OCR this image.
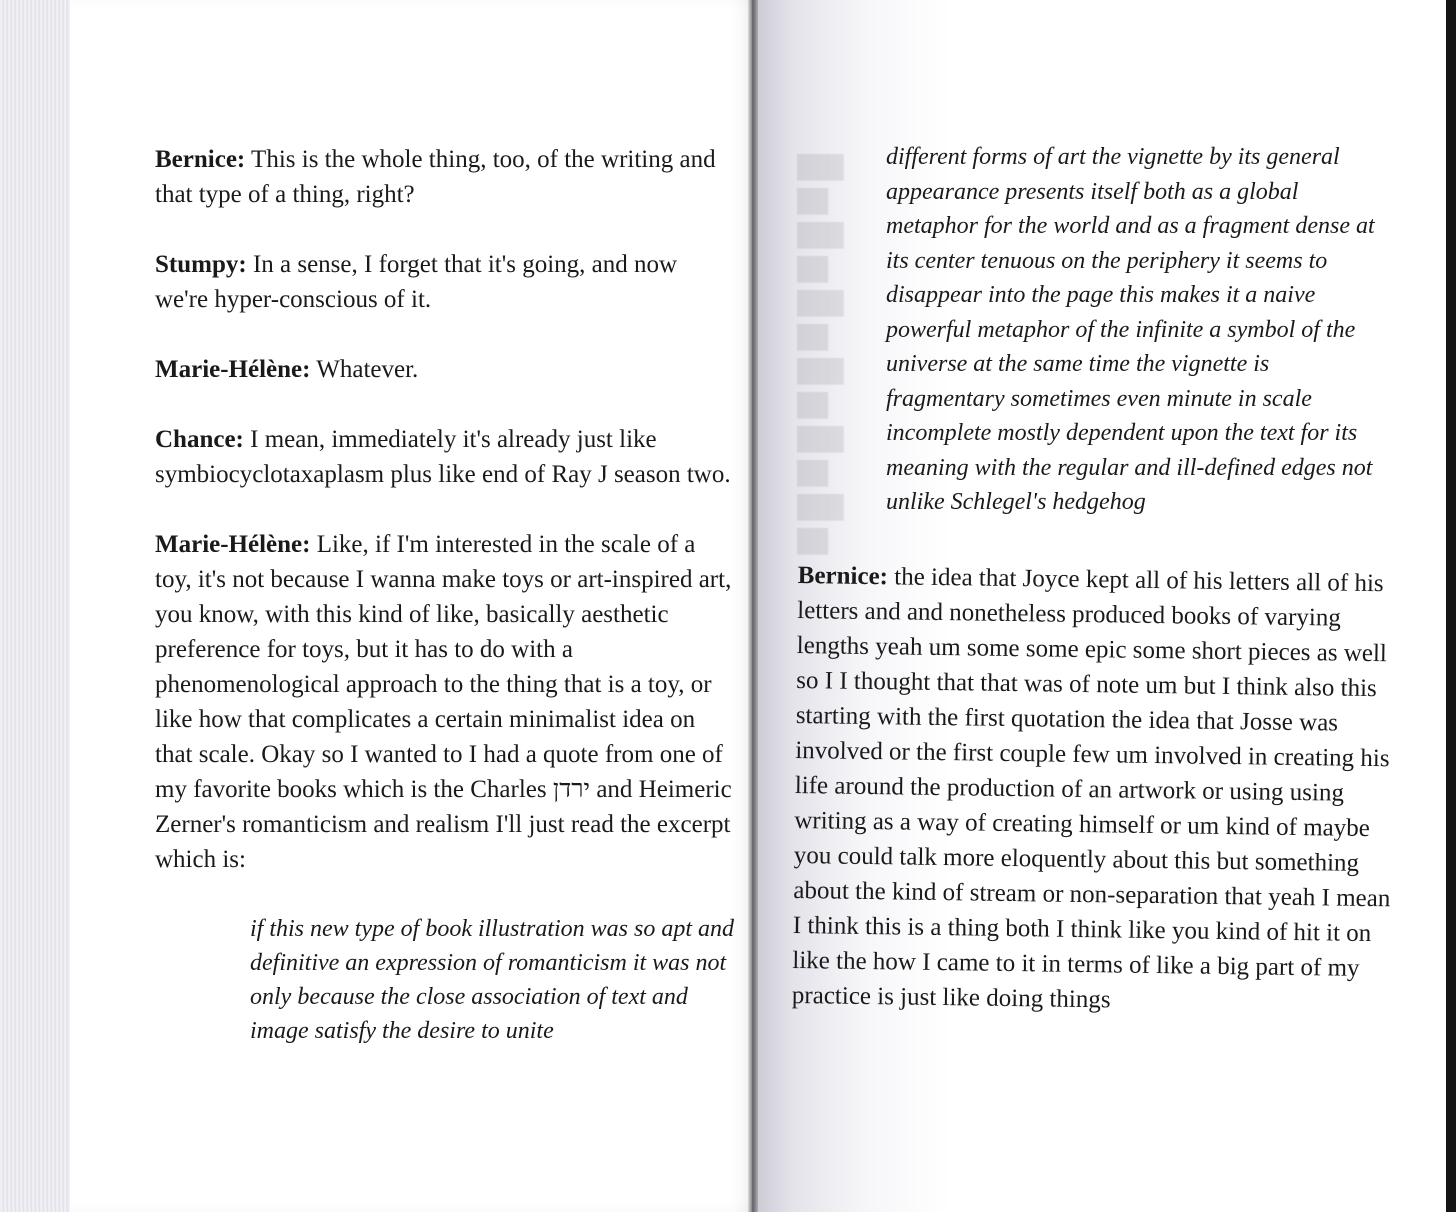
Bernice: This is the whole thing, too, of the writing and that type of a thing, right?

Stumpy: In a sense, I forget that it's going, and now we're hyper-conscious of it.

Marie-Hélène: Whatever.

Chance: I mean, immediately it's already just like symbiocyclotaxaplasm plus like end of Ray J season two.

Marie-Hélène: Like, if I'm interested in the scale of a toy, it's not because I wanna make toys or art-inspired art, you know, with this kind of like, basically aesthetic preference for toys, but it has to do with a phenomenological approach to the thing that is a toy, or like how that complicates a certain minimalist idea on that scale. Okay so I wanted to I had a quote from one of my favorite books which is the Charles ירדן and Heimeric Zerner's romanticism and realism I'll just read the excerpt which is:

if this new type of book illustration was so apt and definitive an expression of romanticism it was not only because the close association of text and image satisfy the desire to unite
███
██
███
██
███
██
███
██
███
██
███
██
different forms of art the vignette by its general appearance presents itself both as a global metaphor for the world and as a fragment dense at its center tenuous on the periphery it seems to disappear into the page this makes it a naive powerful metaphor of the infinite a symbol of the universe at the same time the vignette is fragmentary sometimes even minute in scale incomplete mostly dependent upon the text for its meaning with the regular and ill-defined edges not unlike Schlegel's hedgehog

Bernice: the idea that Joyce kept all of his letters all of his letters and and nonetheless produced books of varying lengths yeah um some some epic some short pieces as well so I I thought that that was of note um but I think also this starting with the first quotation the idea that Josse was involved or the first couple few um involved in creating his life around the production of an artwork or using using writing as a way of creating himself or um kind of maybe you could talk more eloquently about this but something about the kind of stream or non-separation that yeah I mean I think this is a thing both I think like you kind of hit it on like the how I came to it in terms of like a big part of my practice is just like doing things
